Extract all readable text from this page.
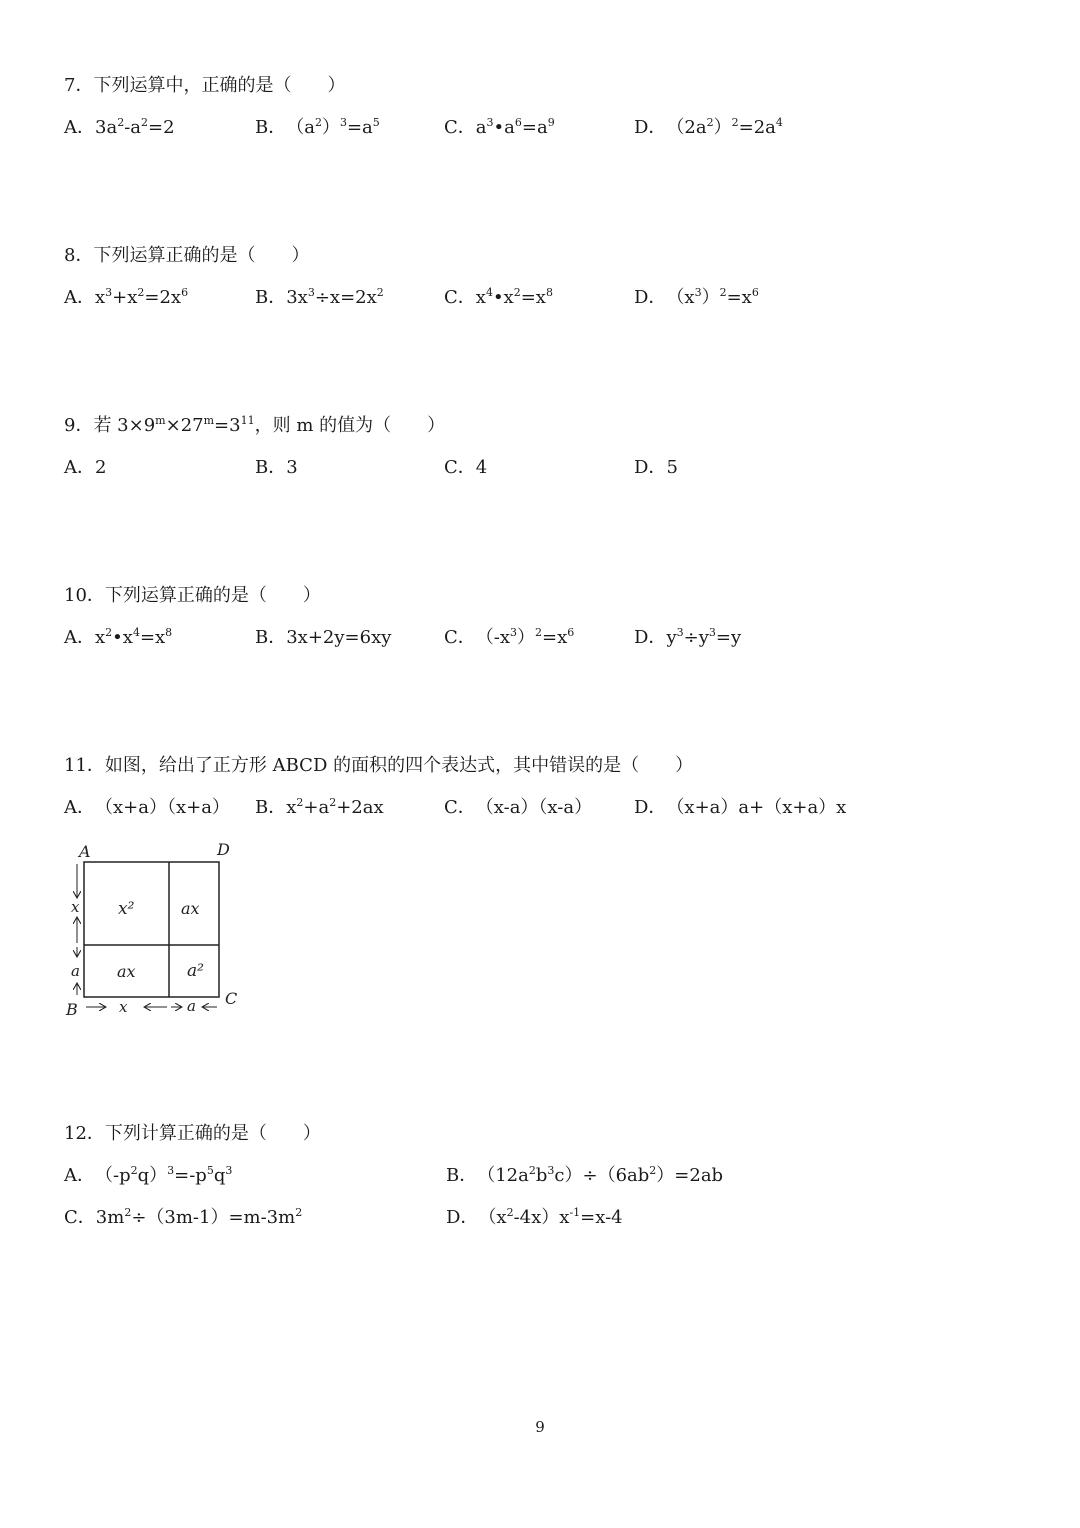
7．下列运算中，正确的是（　　）
A．$3a^2-a^2=2$	B．$(a^2)^3=a^5$	C．$a^3•a^6=a^9$	D．$(2a^2)^2=2a^4$
8．下列运算正确的是（　　）
A．$x^3+x^2=2x^6$	B．$3x^3\div x=2x^2$	C．$x^4•x^2=x^8$	D．$(x^3)^2=x^6$
9．若 $3\times 9^m\times 27^m=3^{11}$，则 m 的值为（　　）
A．2	B．3	C．4	D．5
10．下列运算正确的是（　　）
A．$x^2•x^4=x^8$	B．3x+2y=6xy	C．$(-x^3)^2=x^6$	D．$y^3\div y^3=y$
11．如图，给出了正方形 ABCD 的面积的四个表达式，其中错误的是（　　）
A．（x+a）（x+a） B．$x^2+a^2+2ax$	C．（x-a）（x-a） D．（x+a）a+（x+a）x
A	D
B
C
x²	ax
ax	a²
x
a
x	a
12．下列计算正确的是（　　）
A．$(-p^2q)^3=-p^5q^3$	B．$(12a^2b^3c)\div(6ab^2)=2ab$
C．$3m^2\div(3m-1)=m-3m^2$	D．$(x^2-4x)x^{-1}=x-4$
9
